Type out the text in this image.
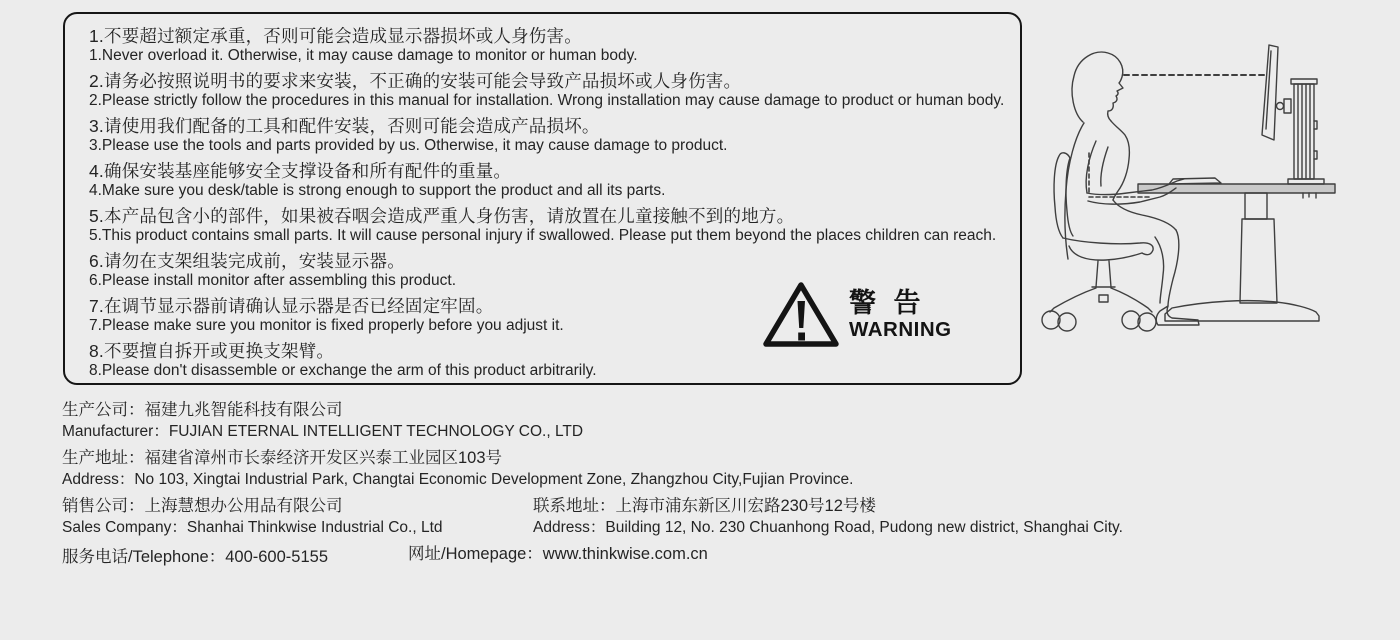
1.不要超过额定承重，否则可能会造成显示器损坏或人身伤害。

1.Never overload it. Otherwise, it may cause damage to monitor or human body.

2.请务必按照说明书的要求来安装，不正确的安装可能会导致产品损坏或人身伤害。

2.Please strictly follow the procedures in this manual for installation. Wrong installation may cause damage to product or human body.

3.请使用我们配备的工具和配件安装，否则可能会造成产品损坏。

3.Please use the tools and parts provided by us. Otherwise, it may cause damage to product.

4.确保安装基座能够安全支撑设备和所有配件的重量。

4.Make sure you desk/table is strong enough to support the product and all its parts.

5.本产品包含小的部件，如果被吞咽会造成严重人身伤害，请放置在儿童接触不到的地方。

5.This product contains small parts. It will cause personal injury if swallowed. Please put them beyond the places children can reach.

6.请勿在支架组装完成前，安装显示器。

6.Please install monitor after assembling this product.

7.在调节显示器前请确认显示器是否已经固定牢固。

7.Please make sure you monitor is fixed properly before you adjust it.

8.不要擅自拆开或更换支架臂。

8.Please don't disassemble or exchange the arm of this product arbitrarily.

警 告
WARNING

生产公司：福建九兆智能科技有限公司

Manufacturer：FUJIAN ETERNAL INTELLIGENT TECHNOLOGY CO., LTD

生产地址：福建省漳州市长泰经济开发区兴泰工业园区103号

Address：No 103, Xingtai Industrial Park, Changtai Economic Development Zone, Zhangzhou City,Fujian Province.

销售公司：上海慧想办公用品有限公司

Sales Company：Shanhai Thinkwise Industrial Co., Ltd

联系地址：上海市浦东新区川宏路230号12号楼

Address：Building 12, No. 230 Chuanhong Road, Pudong new district, Shanghai City.

服务电话/Telephone：400-600-5155	网址/Homepage：www.thinkwise.com.cn
